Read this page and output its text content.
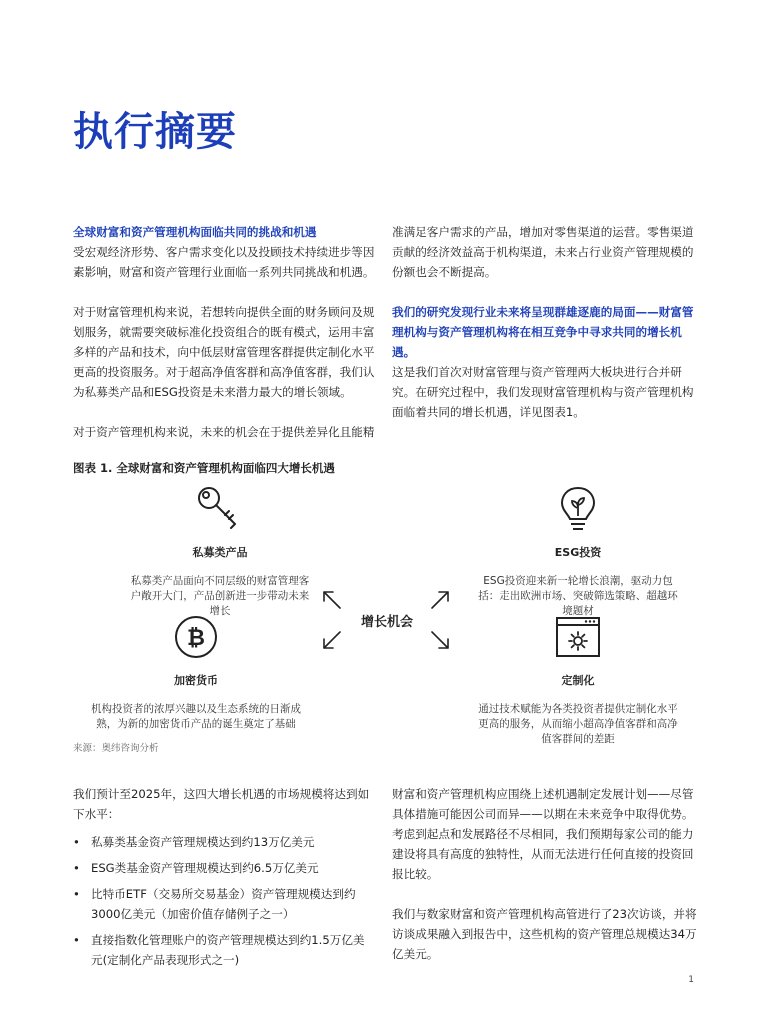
执行摘要

全球财富和资产管理机构面临共同的挑战和机遇
受宏观经济形势、客户需求变化以及投顾技术持续进步等因素影响，财富和资产管理行业面临一系列共同挑战和机遇。

对于财富管理机构来说，若想转向提供全面的财务顾问及规划服务，就需要突破标准化投资组合的既有模式，运用丰富多样的产品和技术，向中低层财富管理客群提供定制化水平更高的投资服务。对于超高净值客群和高净值客群，我们认为私募类产品和ESG投资是未来潜力最大的增长领域。

对于资产管理机构来说，未来的机会在于提供差异化且能精

准满足客户需求的产品，增加对零售渠道的运营。零售渠道贡献的经济效益高于机构渠道，未来占行业资产管理规模的份额也会不断提高。

我们的研究发现行业未来将呈现群雄逐鹿的局面——财富管理机构与资产管理机构将在相互竞争中寻求共同的增长机遇。
这是我们首次对财富管理与资产管理两大板块进行合并研究。在研究过程中，我们发现财富管理机构与资产管理机构面临着共同的增长机遇，详见图表1。

图表 1. 全球财富和资产管理机构面临四大增长机遇
私募类产品
私募类产品面向不同层级的财富管理客户敞开大门，产品创新进一步带动未来增长
ESG投资
ESG投资迎来新一轮增长浪潮，驱动力包括：走出欧洲市场、突破筛选策略、超越环境题材
₿
加密货币
机构投资者的浓厚兴趣以及生态系统的日渐成熟，为新的加密货币产品的诞生奠定了基础
定制化
通过技术赋能为各类投资者提供定制化水平更高的服务，从而缩小超高净值客群和高净值客群间的差距
增长机会
来源：奥纬咨询分析

我们预计至2025年，这四大增长机遇的市场规模将达到如下水平：

• 私募类基金资产管理规模达到约13万亿美元
• ESG类基金资产管理规模达到约6.5万亿美元
• 比特币ETF（交易所交易基金）资产管理规模达到约3000亿美元（加密价值存储例子之一）
• 直接指数化管理账户的资产管理规模达到约1.5万亿美元(定制化产品表现形式之一)

财富和资产管理机构应围绕上述机遇制定发展计划——尽管具体措施可能因公司而异——以期在未来竞争中取得优势。考虑到起点和发展路径不尽相同，我们预期每家公司的能力建设将具有高度的独特性，从而无法进行任何直接的投资回报比较。

我们与数家财富和资产管理机构高管进行了23次访谈，并将访谈成果融入到报告中，这些机构的资产管理总规模达34万亿美元。

1
